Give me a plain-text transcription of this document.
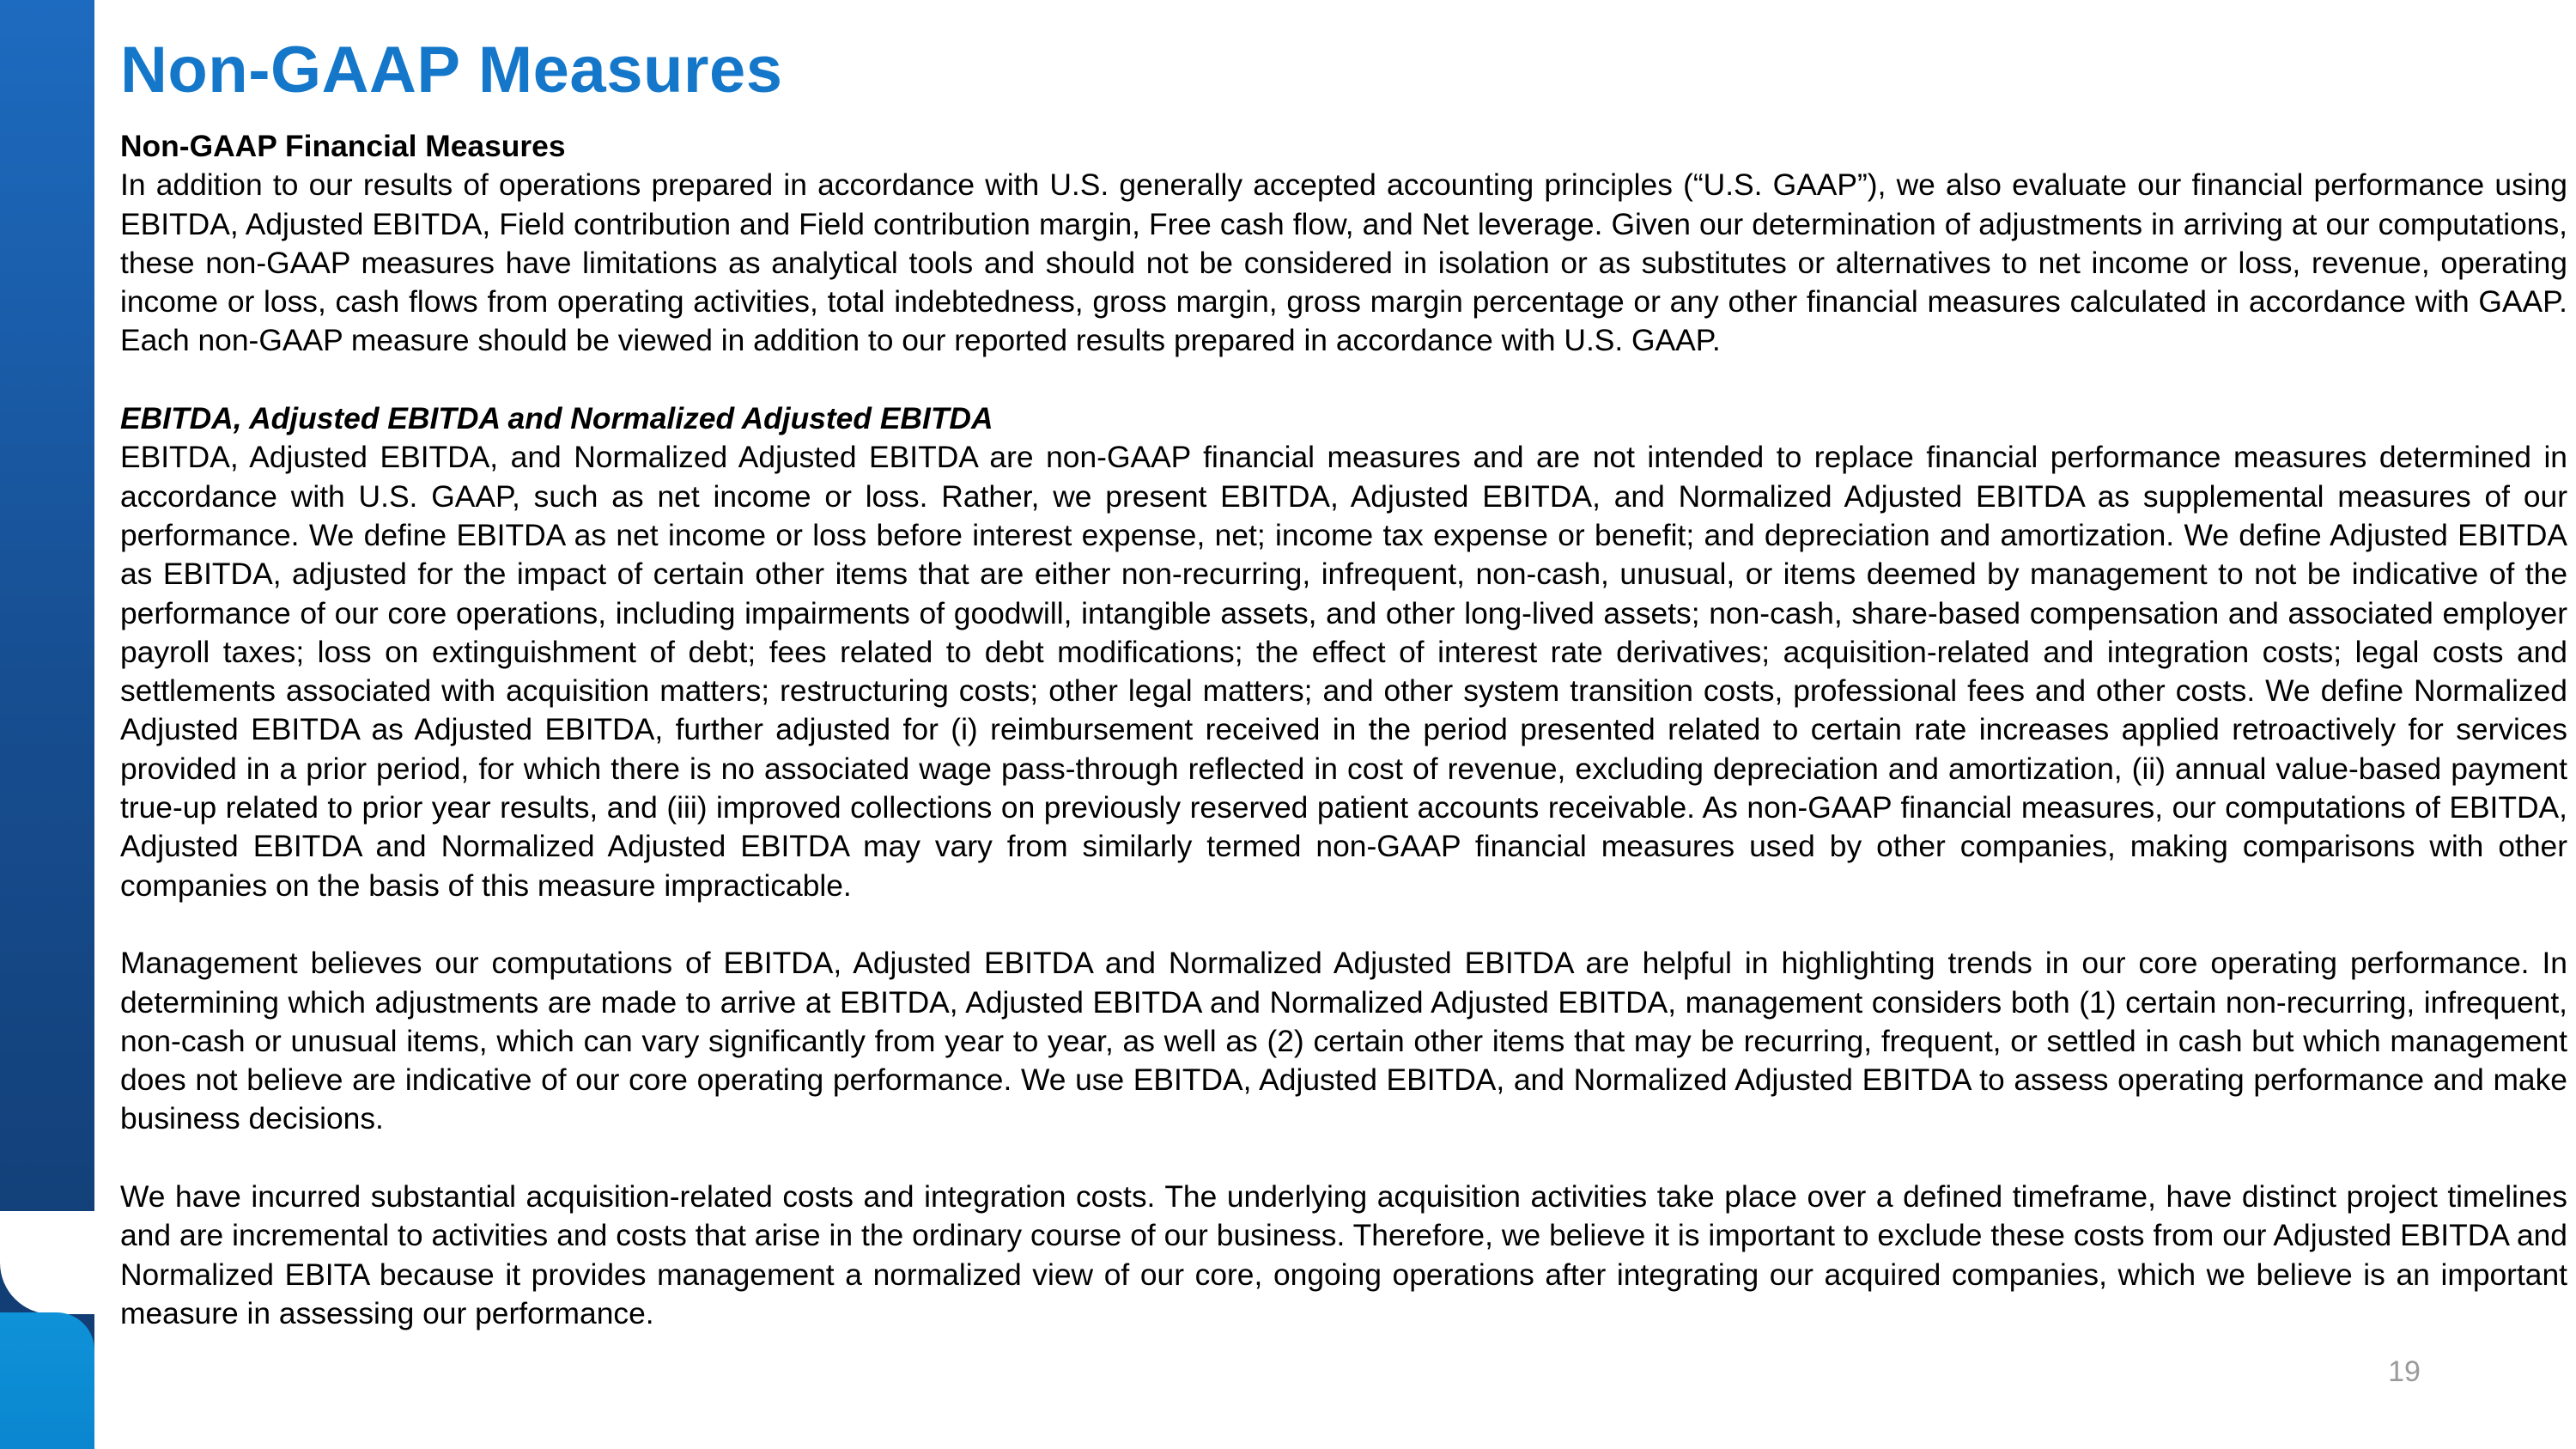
Non-GAAP Measures

Non-GAAP Financial Measures

In addition to our results of operations prepared in accordance with U.S. generally accepted accounting principles (“U.S. GAAP”), we also evaluate our financial performance using EBITDA, Adjusted EBITDA, Field contribution and Field contribution margin, Free cash flow, and Net leverage. Given our determination of adjustments in arriving at our computations, these non-GAAP measures have limitations as analytical tools and should not be considered in isolation or as substitutes or alternatives to net income or loss, revenue, operating income or loss, cash flows from operating activities, total indebtedness, gross margin, gross margin percentage or any other financial measures calculated in accordance with GAAP. Each non-GAAP measure should be viewed in addition to our reported results prepared in accordance with U.S. GAAP.

EBITDA, Adjusted EBITDA and Normalized Adjusted EBITDA

EBITDA, Adjusted EBITDA, and Normalized Adjusted EBITDA are non-GAAP financial measures and are not intended to replace financial performance measures determined in accordance with U.S. GAAP, such as net income or loss. Rather, we present EBITDA, Adjusted EBITDA, and Normalized Adjusted EBITDA as supplemental measures of our performance. We define EBITDA as net income or loss before interest expense, net; income tax expense or benefit; and depreciation and amortization. We define Adjusted EBITDA as EBITDA, adjusted for the impact of certain other items that are either non-recurring, infrequent, non-cash, unusual, or items deemed by management to not be indicative of the performance of our core operations, including impairments of goodwill, intangible assets, and other long-lived assets; non-cash, share-based compensation and associated employer payroll taxes; loss on extinguishment of debt; fees related to debt modifications; the effect of interest rate derivatives; acquisition-related and integration costs; legal costs and settlements associated with acquisition matters; restructuring costs; other legal matters; and other system transition costs, professional fees and other costs. We define Normalized Adjusted EBITDA as Adjusted EBITDA, further adjusted for (i) reimbursement received in the period presented related to certain rate increases applied retroactively for services provided in a prior period, for which there is no associated wage pass-through reflected in cost of revenue, excluding depreciation and amortization, (ii) annual value-based payment true-up related to prior year results, and (iii) improved collections on previously reserved patient accounts receivable. As non-GAAP financial measures, our computations of EBITDA, Adjusted EBITDA and Normalized Adjusted EBITDA may vary from similarly termed non-GAAP financial measures used by other companies, making comparisons with other companies on the basis of this measure impracticable.

Management believes our computations of EBITDA, Adjusted EBITDA and Normalized Adjusted EBITDA are helpful in highlighting trends in our core operating performance. In determining which adjustments are made to arrive at EBITDA, Adjusted EBITDA and Normalized Adjusted EBITDA, management considers both (1) certain non-recurring, infrequent, non-cash or unusual items, which can vary significantly from year to year, as well as (2) certain other items that may be recurring, frequent, or settled in cash but which management does not believe are indicative of our core operating performance. We use EBITDA, Adjusted EBITDA, and Normalized Adjusted EBITDA to assess operating performance and make business decisions.

We have incurred substantial acquisition-related costs and integration costs. The underlying acquisition activities take place over a defined timeframe, have distinct project timelines and are incremental to activities and costs that arise in the ordinary course of our business. Therefore, we believe it is important to exclude these costs from our Adjusted EBITDA and Normalized EBITA because it provides management a normalized view of our core, ongoing operations after integrating our acquired companies, which we believe is an important measure in assessing our performance.

19
